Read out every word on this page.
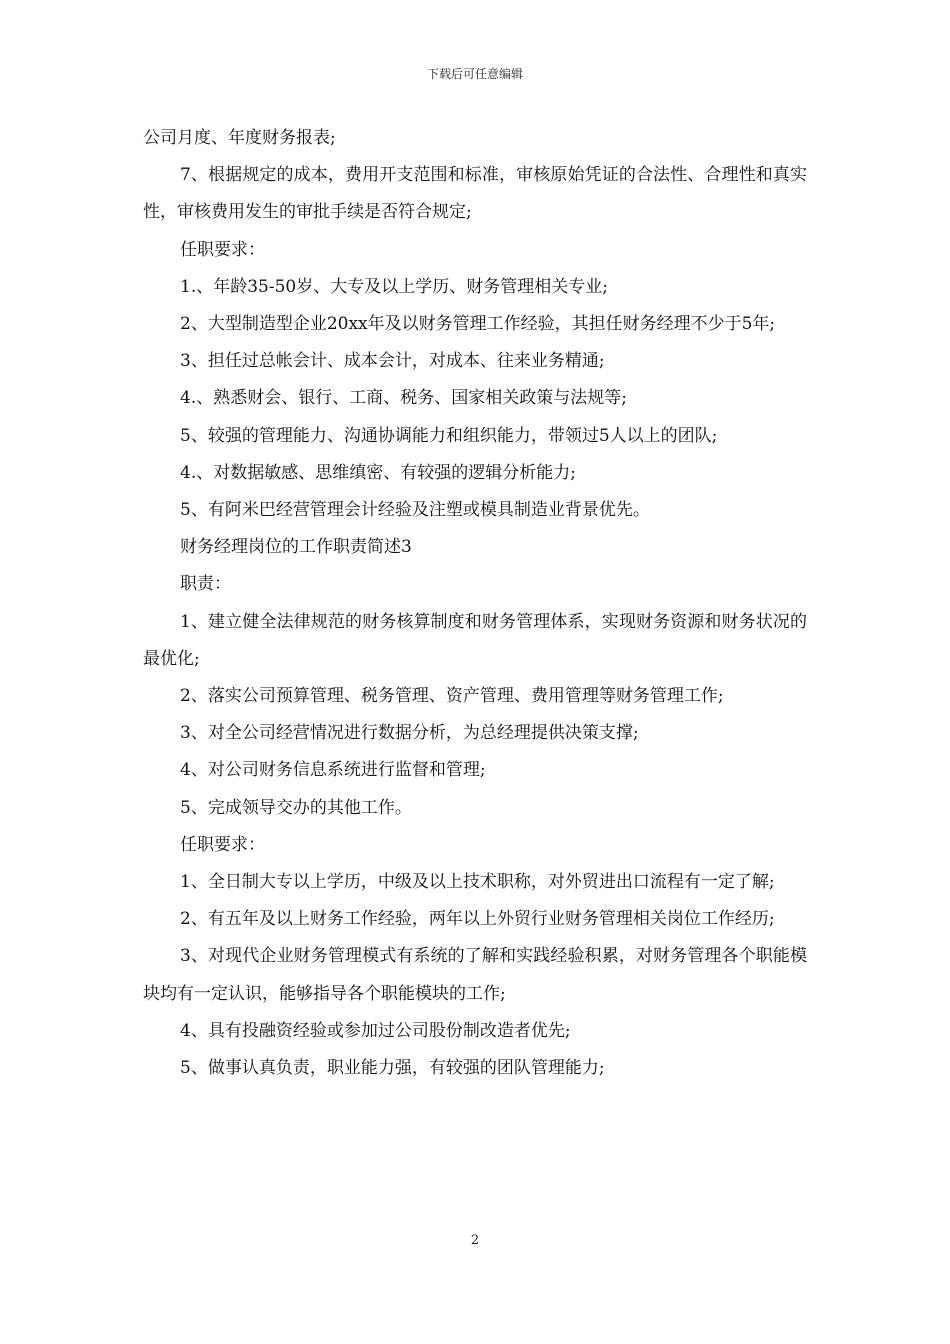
下载后可任意编辑

公司月度、年度财务报表;

7、根据规定的成本，费用开支范围和标准，审核原始凭证的合法性、合理性和真实性，审核费用发生的审批手续是否符合规定;

任职要求：

1.、年龄35-50岁、大专及以上学历、财务管理相关专业;

2、大型制造型企业20xx年及以财务管理工作经验，其担任财务经理不少于5年;

3、担任过总帐会计、成本会计，对成本、往来业务精通;

4.、熟悉财会、银行、工商、税务、国家相关政策与法规等;

5、较强的管理能力、沟通协调能力和组织能力，带领过5人以上的团队;

4.、对数据敏感、思维缜密、有较强的逻辑分析能力;

5、有阿米巴经营管理会计经验及注塑或模具制造业背景优先。

财务经理岗位的工作职责简述3

职责：

1、建立健全法律规范的财务核算制度和财务管理体系，实现财务资源和财务状况的最优化;

2、落实公司预算管理、税务管理、资产管理、费用管理等财务管理工作;

3、对全公司经营情况进行数据分析，为总经理提供决策支撑;

4、对公司财务信息系统进行监督和管理;

5、完成领导交办的其他工作。

任职要求：

1、全日制大专以上学历，中级及以上技术职称，对外贸进出口流程有一定了解;

2、有五年及以上财务工作经验，两年以上外贸行业财务管理相关岗位工作经历;

3、对现代企业财务管理模式有系统的了解和实践经验积累，对财务管理各个职能模块均有一定认识，能够指导各个职能模块的工作;

4、具有投融资经验或参加过公司股份制改造者优先;

5、做事认真负责，职业能力强，有较强的团队管理能力;

2
